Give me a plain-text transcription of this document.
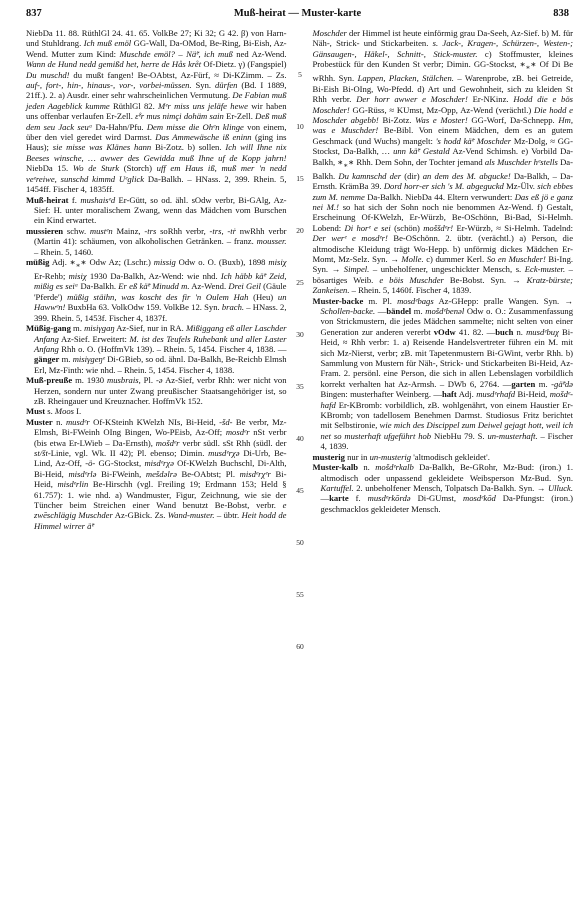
837	Muß-heirat — Muster-karte	838

NiebDa 11. 88. RüthlGl 24. 41. 65. VolkBe 27; Ki 32; G 42. β) von Harn- und Stuhldrang. Ich muß emöl GG-Wall, Da-OMod, Be-Ring, Bi-Eish, Az-Wend. Mutter zum Kind: Muschde emöl? – Nä̃ᵉ, ich muß ned Az-Wend. Wann de Hund nedd gemißd het, herre de Hås kre̊t Of-Dietz. γ) (Fangspiel) Du muschd! du mußt fangen! Be-OAbtst, Az-Fürf, ≈ Di-KZimm. – Zs. auf-, fort-, hin-, hinaus-, vor-, vorbei-müssen. Syn. dürfen (Bd. I 1889, 21ff.). 2. a) Ausdr. einer sehr wahrscheinlichen Vermutung. De Fabian muß jeden Aageblick kumme RüthlGl 82. Mᵉr miss uns jeläfe hewe wir haben uns offenbar verlaufen Er-Zell. ε̊ᵉr mus nimçi dohäm sain Er-Zell. Deß muß dem seu Jack seuᵃ Da-Hahn/Pfu. Dem misse die Ohᵉn klinge von einem, über den viel geredet wird Darmst. Das Ammewäsche iß eninn (ging ins Haus); sie misse was Klänes hann Bi-Zotz. b) sollen. Ich will Ihne nix Beeses winsche, … awwer des Gewidda muß Ihne uf de Kopp jahrn! NiebDa 15. Wo de Sturk (Storch) uff em Haus iß, muß mer 'n nedd veᵉreiwe, sunschd kimmd Uᵉglick Da-Balkh. – HNass. 2, 399. Rhein. 5, 1454ff. Fischer 4, 1835ff.

Muß-heirat f. mushaisᵉd Er-Gütt, so od. ähl. sOdw verbr, Bi-GAlg, Az-Sief: H. unter moralischem Zwang, wenn das Mädchen vom Burschen ein Kind erwartet.

mussieren schw. mustᵉn Mainz, -trs soRhh verbr, -trs, -tṙ nwRhh verbr (Martin 41): schäumen, von alkoholischen Getränken. – franz. mousser. – Rhein. 5, 1460.

müßig Adj. $∗_∗∗$ Odw Az; (Lschr.) missig Odw o. O. (Buxb), 1898 misiχ Er-Rehb; misiχ 1930 Da-Balkh, Az-Wend: wie nhd. Ich häbb kä̃ᵉ Zeid, mißig es seiᵃ Da-Balkh. Er eß kä̃ᵉ Minudd m. Az-Wend. Drei Geil (Gäule 'Pferde') müßig stäihn, was koscht des fir 'n Oulem Hah (Heu) un Hawwᵉn! BuxbHa 63. VolkOdw 159. VolkBe 12. Syn. brach. – HNass. 2, 399. Rhein. 5, 1453f. Fischer 4, 1837f.

Müßig-gang m. misiγgaŋ Az-Sief, nur in RA. Mißiggang eß aller Laschder Anfang Az-Sief. Erweitert: M. ist des Teufels Ruhebank und aller Laster Anfang Rhh o. O. (HoffmVk 139). – Rhein. 5, 1454. Fischer 4, 1838. —gänger m. misiγgeŋᵉ Di-GBieb, so od. ähnl. Da-Balkh, Be-Reichb Elmsh Erl, Mz-Finth: wie nhd. – Rhein. 5, 1454. Fischer 4, 1838.

Muß-preuße m. 1930 musbrais, Pl. -ə Az-Sief, verbr Rhh: wer nicht von Herzen, sondern nur unter Zwang preußischer Staatsangehöriger ist, so zB. Rheingauer und Kreuznacher. HoffmVk 152.

Must s. Moos I.

Muster n. musdᵉr Of-KSteinh KWelzh NIs, Bi-Heid, -šd- Be verbr, Mz-Elmsh, Bi-FWeinh OIng Bingen, Wo-PEisb, Az-Off; mosdᵉr nSt verbr (bis etwa Er-LWieb – Da-Ernsth), mošdᵉr verbr südl. sSt Rhh (südl. der st/št-Linie, vgl. Wk. II 42); Pl. ebenso; Dimin. musdᵉrχə Di-Urb, Be-Lind, Az-Off, -ö- GG-Stockst, misdᵉrχə Of-KWelzh Buchschl, Di-Alth, Bi-Heid, misdᵉrlə Bi-FWeinh, mešdəlrə Be-OAbtst; Pl. misdᵉrχᵉr Bi-Heid, misdᵉrlin Be-Hirschh (vgl. Freiling 19; Erdmann 153; Held § 61.757): 1. wie nhd. a) Wandmuster, Figur, Zeichnung, wie sie der Tüncher beim Streichen einer Wand benutzt Be-Bobst, verbr. e zwēschlägig Muschder Az-GBick. Zs. Wand-muster. – übtr. Heit hodd de Himmel wirrer ä̃ᵉ

5
10
15
20
25
30
35
40
45
50
55
60

Moschder der Himmel ist heute einförmig grau Da-Seeh, Az-Sief. b) M. für Näh-, Strick- und Stickarbeiten. s. Jack-, Kragen-, Schürzen-, Westen-; Gänsaugen-, Häkel-, Schnitt-, Stick-muster. c) Stoffmuster, kleines Probestück für den Kunden St verbr; Dimin. GG-Stockst, $∗_∗∗$ Of Di Be wRhh. Syn. Lappen, Placken, Stälchen. – Warenprobe, zB. bei Getreide, Bi-Eish Bi-OIng, Wo-Pfedd. d) Art und Gewohnheit, sich zu kleiden St Rhh verbr. Der horr awwer e Moschder! Er-NKinz. Hodd die e bös Moschder! GG-Rüss, ≈ KUmst, Mz-Opp, Az-Wend (verächtl.) Die hodd e Moschder abgebb! Bi-Zotz. Was e Moster! GG-Worf, Da-Schnepp. Hm, was e Muschder! Be-Bibl. Von einem Mädchen, dem es an gutem Geschmack (und Wuchs) mangelt: 's hodd kä̃ᵉ Moschder Mz-Dolg, ≈ GG-Stockst, Da-Balkh, … unn kä̃ᵉ Gestald Az-Vend Schimsh. e) Vorbild Da-Balkh, $∗_∗∗$ Rhh. Dem Sohn, der Tochter jemand als Muschder hᵉstells Da-Balkh. Du kamnschd der (dir) an dem des M. abgucke! Da-Balkh, – Da-Ernsth. KrämBa 39. Dord horr-er sich 's M. abgeguckd Mz-Ülv. sich ebbes zum M. nemme Da-Balkh. NiebDa 44. Eltern verwundert: Das eß jö e ganz nei M.! so hat sich der Sohn noch nie benommen Az-Wend. f) Gestalt, Erscheinung Of-KWelzh, Er-Würzb, Be-OSchönn, Bi-Bad, Si-Helmh. Lobend: Di horᵉ e sei (schön) moššdᵉr! Er-Würzb, ≈ Si-Helmh. Tadelnd: Der werᵉ e mosdᵉr! Be-OSchönn. 2. übtr. (verächtl.) a) Person, die altmodische Kleidung trägt Wo-Hepp. b) unförmig dickes Mädchen Er-Momt, Mz-Selz. Syn. → Molle. c) dummer Kerl. So en Muschder! Bi-Ing. Syn. → Simpel. – unbeholfener, ungeschickter Mensch, s. Eck-muster. – bösartiges Weib. e böis Muschder Be-Bobst. Syn. → Kratz-bürste; Zankeisen. – Rhein. 5, 1460f. Fischer 4, 1839.

Muster-backe m. Pl. mosdᵉbags Az-GHepp: pralle Wangen. Syn. → Schollen-backe. —bändel m. mošdᵉbenəl Odw o. O.: Zusammenfassung von Strickmustern, die jedes Mädchen sammelte; nicht selten von einer Generation zur anderen vererbt vOdw 41. 82. —buch n. musdᵉbuχ Bi-Heid, ≈ Rhh verbr: 1. a) Reisende Handelsvertreter führen ein M. mit sich Mz-Nierst, verbr; zB. mit Tapetenmustern Bi-GWint, verbr Rhh. b) Sammlung von Mustern für Näh-, Strick- und Stickarbeiten Bi-Heid, Az-Fram. 2. persönl. eine Person, die sich in allen Lebenslagen vorbildlich korrekt verhalten hat Az-Armsh. – DWb 6, 2764. —garten m. -gä̃ᵉdə Bingen: musterhafter Weinberg. —haft Adj. musdᵉrhafd Bi-Heid, mošdᵉ-hafd Er-KBromb: vorbildlich, zB. wohlgenährt, von einem Haustier Er-KBromb; von tadellosem Benehmen Darmst. Studiosus Fritz berichtet mit Selbstironie, wie mich des Discippel zum Deiwel gejagt hott, weil ich net so musterhaft ufgeführt hob NiebHu 79. S. un-musterhaft. – Fischer 4, 1839.

musterig nur in un-musterig 'altmodisch gekleidet'.

Muster-kalb n. mošdᵉrkalb Da-Balkh, Be-GRohr, Mz-Bud: (iron.) 1. altmodisch oder unpassend gekleidete Weibsperson Mz-Bud. Syn. Kartuffel. 2. unbeholfener Mensch, Tolpatsch Da-Balkh. Syn. → Ulluck. —karte f. musdᵉrkōrdə Di-GUmst, mosdᵉkōd Da-Pfungst: (iron.) geschmacklos gekleideter Mensch.
